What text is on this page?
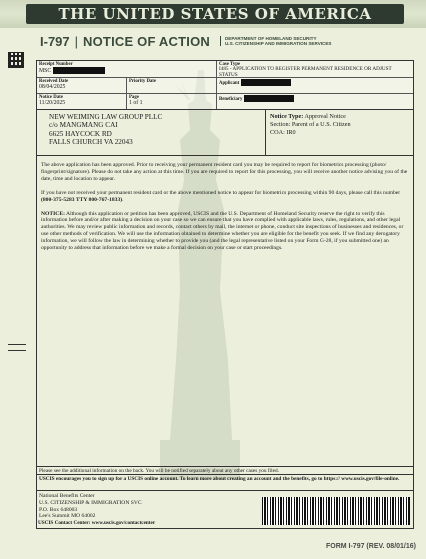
THE UNITED STATES OF AMERICA
I-797 | NOTICE OF ACTION	DEPARTMENT OF HOMELAND SECURITY
U.S. CITIZENSHIP AND IMMIGRATION SERVICES
Receipt Number
MSC
Case Type
I485 - APPLICATION TO REGISTER PERMANENT RESIDENCE OR ADJUST STATUS
Received Date
08/04/2025
Priority Date	Applicant
Notice Date
11/20/2025
Page
1 of 1
Beneficiary
NEW WEIMING LAW GROUP PLLC
c/o MANGMANG CAI
6625 HAYCOCK RD
FALLS CHURCH VA 22043
Notice Type: Approval Notice
Section: Parent of a U.S. Citizen
COA: IR0

The above application has been approved. Prior to receiving your permanent resident card you may be required to report for biometrics processing (photo/ fingerprint/signature). Please do not take any action at this time. If you are required to report for this processing, you will receive another notice advising you of the date, time and location to appear.

If you have not received your permanent resident card or the above mentioned notice to appear for biometrics processing within 90 days, please call this number (800-375-5283 TTY 800-767-1833).

NOTICE: Although this application or petition has been approved, USCIS and the U.S. Department of Homeland Security reserve the right to verify this information before and/or after making a decision on your case so we can ensure that you have complied with applicable laws, rules, regulations, and other legal authorities. We may review public information and records, contact others by mail, the internet or phone, conduct site inspections of businesses and residences, or use other methods of verification. We will use the information obtained to determine whether you are eligible for the benefit you seek. If we find any derogatory information, we will follow the law in determining whether to provide you (and the legal representative listed on your Form G-28, if you submitted one) an opportunity to address that information before we make a formal decision on your case or start proceedings.

Please see the additional information on the back. You will be notified separately about any other cases you filed.
USCIS encourages you to sign up for a USCIS online account. To learn more about creating an account and the benefits, go to https:// www.uscis.gov/file-online.
National Benefits Center
U.S. CITIZENSHIP & IMMIGRATION SVC
P.O. Box 648003
Lee's Summit MO 64002
USCIS Contact Center: www.uscis.gov/contactcenter
FORM I-797 (REV. 08/01/16)
